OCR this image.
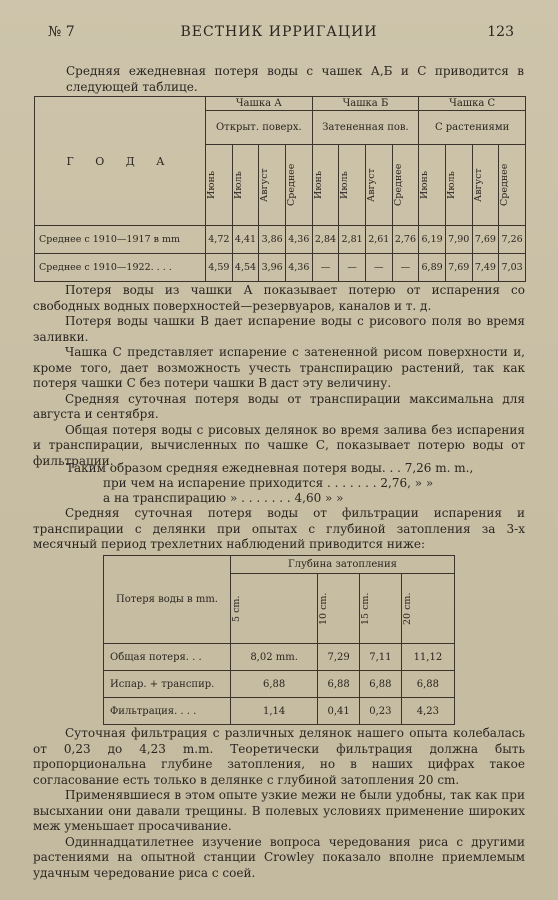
№ 7	ВЕСТНИК ИРРИГАЦИИ	123
Средняя ежедневная потеря воды с чашек А,Б и С приводится в следующей таблице.
Г О Д А	Чашка А				Чашка Б				Чашка С			
	Открыт. поверх.				Затененная пов.				С растениями			

	Июнь	Июль	Август	Среднее	Июнь	Июль	Август	Среднее	Июнь	Июль	Август	Среднее

Среднее с 1910—1917 в mm	4,72	4,41	3,86	4,36	2,84	2,81	2,61	2,76	6,19	7,90	7,69	7,26
Среднее с 1910—1922. . . .	4,59	4,54	3,96	4,36	—	—	—	—	6,89	7,69	7,49	7,03

Потеря воды из чашки А показывает потерю от испарения со свободных водных поверхностей—резервуаров, каналов и т. д.

Потеря воды чашки В дает испарение воды с рисового поля во время заливки.

Чашка С представляет испарение с затененной рисом поверхности и, кроме того, дает возможность учесть транспирацию растений, так как потеря чашки С без потери чашки В даст эту величину.

Средняя суточная потеря воды от транспирации максимальна для августа и сентября.

Общая потеря воды с рисовых делянок во время залива без испарения и транспирации, вычисленных по чашке С, показывает потерю воды от фильтрации.

Таким образом средняя ежедневная потеря воды. . . 7,26 m. m.,
при чем на испарение приходится . . . . . . . 2,76, » »
а на транспирацию » . . . . . . . 4,60 » »

Средняя суточная потеря воды от фильтрации испарения и транспирации с делянки при опытах с глубиной затопления за 3-х месячный период трехлетних наблюдений приводится ниже:

Потеря воды в mm.	Глубина затопления			

	5 cm.	10 cm.	15 cm.	20 cm.

Общая потеря. . .	8,02 mm.	7,29	7,11	11,12
Испар. + транспир.	6,88	6,88	6,88	6,88
Фильтрация. . . .	1,14	0,41	0,23	4,23

Суточная фильтрация с различных делянок нашего опыта колебалась от 0,23 до 4,23 m.m. Теоретически фильтрация должна быть пропорциональна глубине затопления, но в наших цифрах такое согласование есть только в делянке с глубиной затопления 20 cm.

Применявшиеся в этом опыте узкие межи не были удобны, так как при высыхании они давали трещины. В полевых условиях применение широких меж уменьшает просачивание.

Одиннадцатилетнее изучение вопроса чередования риса с другими растениями на опытной станции Crowley показало вполне приемлемым удачным чередование риса с соей.
